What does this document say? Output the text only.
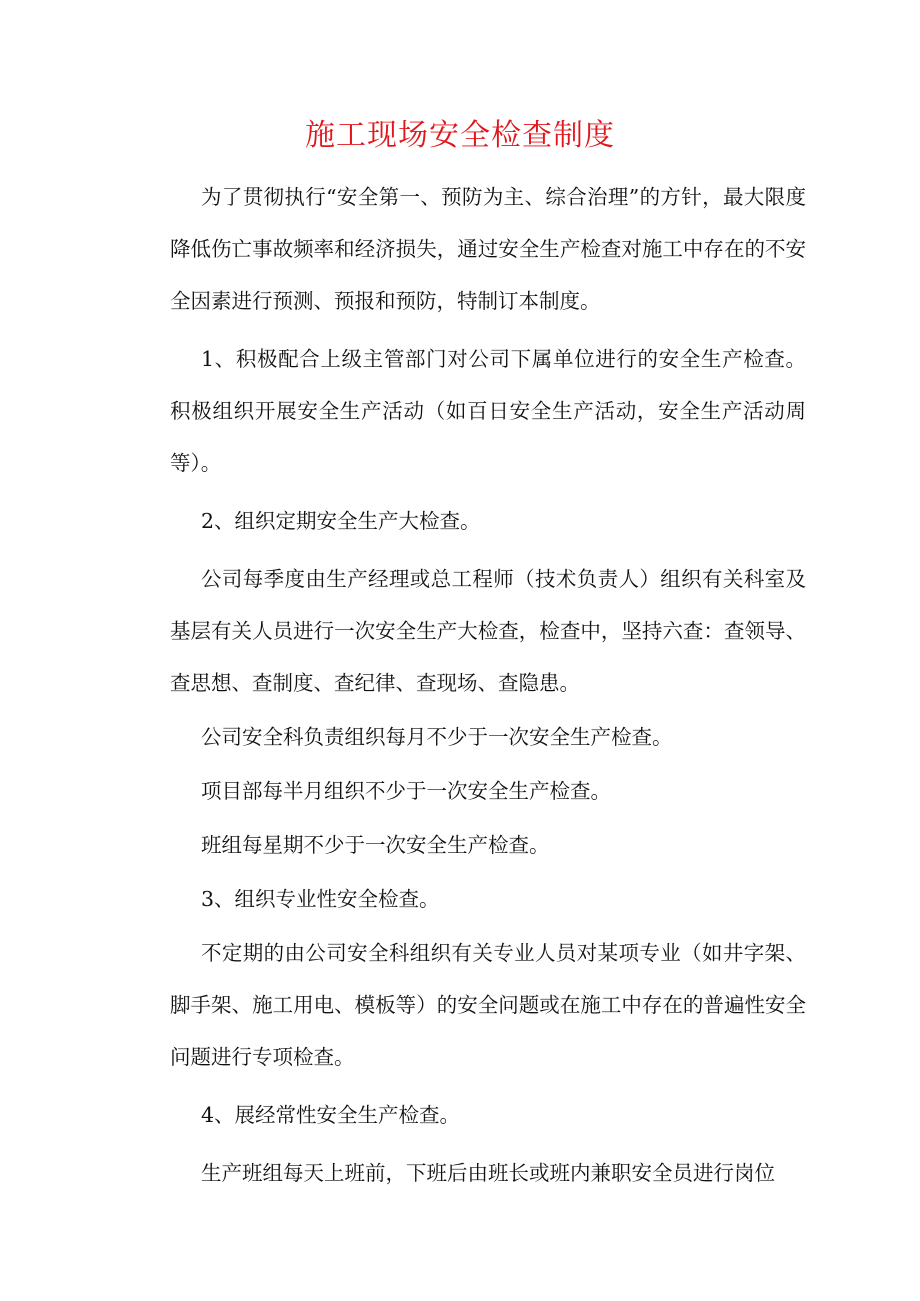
施工现场安全检查制度

为了贯彻执行“安全第一、预防为主、综合治理”的方针，最大限度降低伤亡事故频率和经济损失，通过安全生产检查对施工中存在的不安全因素进行预测、预报和预防，特制订本制度。

1、积极配合上级主管部门对公司下属单位进行的安全生产检查。积极组织开展安全生产活动（如百日安全生产活动，安全生产活动周等）。

2、组织定期安全生产大检查。

公司每季度由生产经理或总工程师（技术负责人）组织有关科室及基层有关人员进行一次安全生产大检查，检查中，坚持六查：查领导、查思想、查制度、查纪律、查现场、查隐患。

公司安全科负责组织每月不少于一次安全生产检查。

项目部每半月组织不少于一次安全生产检查。

班组每星期不少于一次安全生产检查。

3、组织专业性安全检查。

不定期的由公司安全科组织有关专业人员对某项专业（如井字架、脚手架、施工用电、模板等）的安全问题或在施工中存在的普遍性安全问题进行专项检查。

4、展经常性安全生产检查。

生产班组每天上班前，下班后由班长或班内兼职安全员进行岗位
